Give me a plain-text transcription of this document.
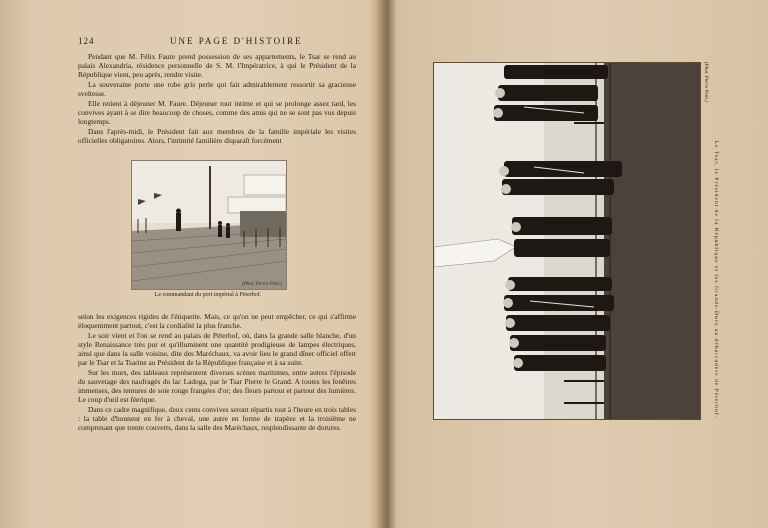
124	UNE PAGE D'HISTOIRE

Pendant que M. Félix Faure prend possession de ses appartements, le Tsar se rend au palais Alexandria, résidence personnelle de S. M. l'Impératrice, à qui le Président de la République vient, peu après, rendre visite.

La souveraine porte une robe gris perle qui fait admirablement ressortir sa gracieuse sveltesse.

Elle retient à déjeuner M. Faure. Déjeuner tout intime et qui se prolonge assez tard, les convives ayant à se dire beaucoup de choses, comme des amis qui ne se sont pas vus depuis longtemps.

Dans l'après-midi, le Président fait aux membres de la famille impériale les visites officielles obligatoires. Alors, l'intimité familière disparaît forcément

(Phot. Pierre Petit.)
Le commandant du port impérial à Péterhof.

selon les exigences rigides de l'étiquette. Mais, ce qu'on ne peut empêcher, ce qui s'affirme éloquemment partout, c'est la cordialité la plus franche.

Le soir vient et l'on se rend au palais de Péterhof, où, dans la grande salle blanche, d'un style Renaissance très pur et qu'illuminent une quantité prodigieuse de lampes électriques, ainsi que dans la salle voisine, dite des Maréchaux, va avoir lieu le grand dîner officiel offert par le Tsar et la Tsarine au Président de la République française et à sa suite.

Sur les murs, des tableaux représentent diverses scènes maritimes, entre autres l'épisode du sauvetage des naufragés du lac Ladoga, par le Tsar Pierre le Grand. A toutes les fenêtres immenses, des tentures de soie rouge frangées d'or; des fleurs partout et partout des lumières. Le coup d'œil est féerique.

Dans ce cadre magnifique, deux cents convives seront répartis tout à l'heure en trois tables : la table d'honneur en fer à cheval, une autre en forme de trapèze et la troisième ne comprenant que trente couverts, dans la salle des Maréchaux, resplendissante de dorures.

(Phot. Pierre Petit.)
Le Tsar, le Président de la République et les Grands-Ducs au débarcadère de Péterhof.
